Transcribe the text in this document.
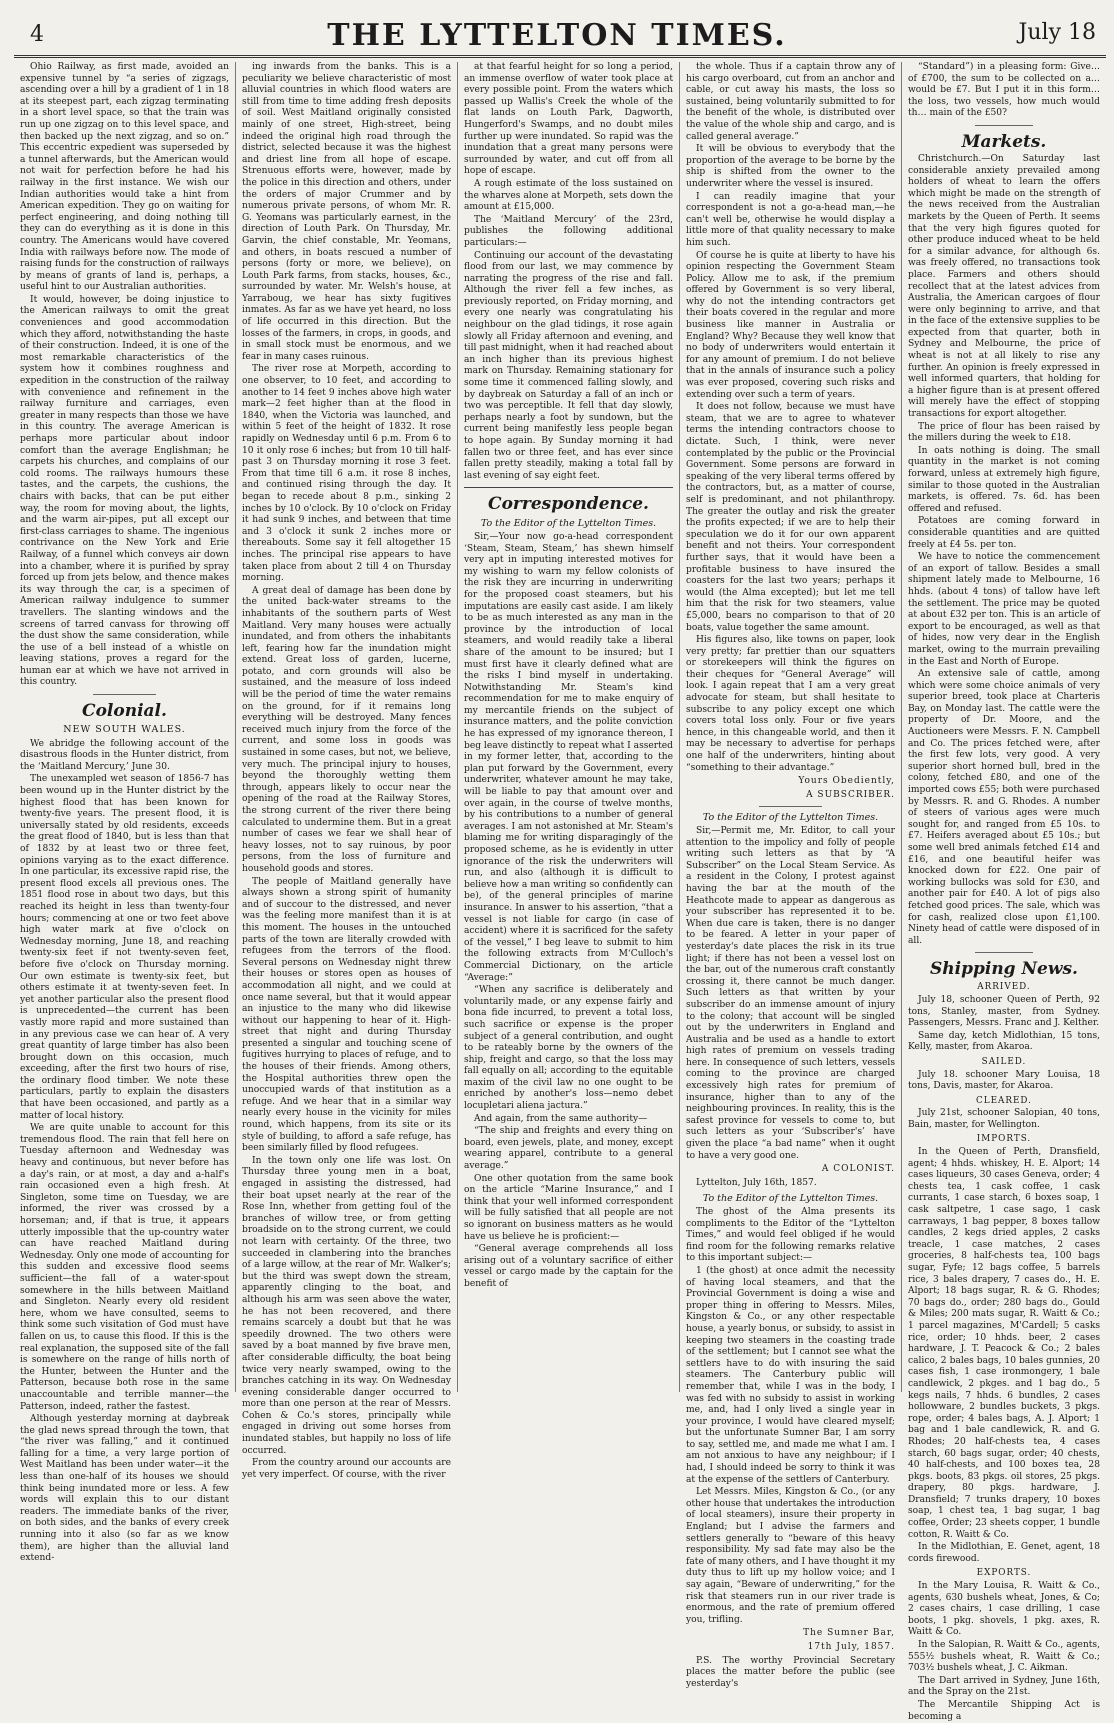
4	THE LYTTELTON TIMES.	July 18

Ohio Railway, as first made, avoided an expensive tunnel by “a series of zigzags, ascending over a hill by a gradient of 1 in 18 at its steepest part, each zigzag terminating in a short level space, so that the train was run up one zigzag on to this level space, and then backed up the next zigzag, and so on.” This eccentric expedient was superseded by a tunnel afterwards, but the American would not wait for perfection before he had his railway in the first instance. We wish our Indian authorities would take a hint from American expedition. They go on waiting for perfect engineering, and doing nothing till they can do everything as it is done in this country. The Americans would have covered India with railways before now. The mode of raising funds for the construction of railways by means of grants of land is, perhaps, a useful hint to our Australian authorities.

It would, however, be doing injustice to the American railways to omit the great conveniences and good accommodation which they afford, notwithstanding the haste of their construction. Indeed, it is one of the most remarkable characteristics of the system how it combines roughness and expedition in the construction of the railway with convenience and refinement in the railway furniture and carriages, even greater in many respects than those we have in this country. The average American is perhaps more particular about indoor comfort than the average Englishman; he carpets his churches, and complains of our cold rooms. The railways humours these tastes, and the carpets, the cushions, the chairs with backs, that can be put either way, the room for moving about, the lights, and the warm air-pipes, put all except our first-class carriages to shame. The ingenious contrivance on the New York and Erie Railway, of a funnel which conveys air down into a chamber, where it is purified by spray forced up from jets below, and thence makes its way through the car, is a specimen of American railway indulgence to summer travellers. The slanting windows and the screens of tarred canvass for throwing off the dust show the same consideration, while the use of a bell instead of a whistle on leaving stations, proves a regard for the human ear at which we have not arrived in this country.

Colonial.
NEW SOUTH WALES.

We abridge the following account of the disastrous floods in the Hunter district, from the ‘Maitland Mercury,’ June 30.

The unexampled wet season of 1856-7 has been wound up in the Hunter district by the highest flood that has been known for twenty-five years. The present flood, it is universally stated by old residents, exceeds the great flood of 1840, but is less than that of 1832 by at least two or three feet, opinions varying as to the exact difference. In one particular, its excessive rapid rise, the present flood excels all previous ones. The 1851 flood rose in about two days, but this reached its height in less than twenty-four hours; commencing at one or two feet above high water mark at five o'clock on Wednesday morning, June 18, and reaching twenty-six feet if not twenty-seven feet, before five o'clock on Thursday morning. Our own estimate is twenty-six feet, but others estimate it at twenty-seven feet. In yet another particular also the present flood is unprecedented—the current has been vastly more rapid and more sustained than in any previous case we can hear of. A very great quantity of large timber has also been brought down on this occasion, much exceeding, after the first two hours of rise, the ordinary flood timber. We note these particulars, partly to explain the disasters that have been occasioned, and partly as a matter of local history.

We are quite unable to account for this tremendous flood. The rain that fell here on Tuesday afternoon and Wednesday was heavy and continuous, but never before has a day's rain, or at most, a day and a-half's rain occasioned even a high fresh. At Singleton, some time on Tuesday, we are informed, the river was crossed by a horseman; and, if that is true, it appears utterly impossible that the up-country water can have reached Maitland during Wednesday. Only one mode of accounting for this sudden and excessive flood seems sufficient—the fall of a water-spout somewhere in the hills between Maitland and Singleton. Nearly every old resident here, whom we have consulted, seems to think some such visitation of God must have fallen on us, to cause this flood. If this is the real explanation, the supposed site of the fall is somewhere on the range of hills north of the Hunter, between the Hunter and the Patterson, because both rose in the same unaccountable and terrible manner—the Patterson, indeed, rather the fastest.

Although yesterday morning at daybreak the glad news spread through the town, that “the river was falling,” and it continued falling for a time, a very large portion of West Maitland has been under water—it the less than one-half of its houses we should think being inundated more or less. A few words will explain this to our distant readers. The immediate banks of the river, on both sides, and the banks of every creek running into it also (so far as we know them), are higher than the alluvial land extend-

ing inwards from the banks. This is a peculiarity we believe characteristic of most alluvial countries in which flood waters are still from time to time adding fresh deposits of soil. West Maitland originally consisted mainly of one street, High-street, being indeed the original high road through the district, selected because it was the highest and driest line from all hope of escape. Strenuous efforts were, however, made by the police in this direction and others, under the orders of major Crummer and by numerous private persons, of whom Mr. R. G. Yeomans was particularly earnest, in the direction of Louth Park. On Thursday, Mr. Garvin, the chief constable, Mr. Yeomans, and others, in boats rescued a number of persons (forty or more, we believe), on Louth Park farms, from stacks, houses, &c., surrounded by water. Mr. Welsh's house, at Yarraboug, we hear has sixty fugitives inmates. As far as we have yet heard, no loss of life occurred in this direction. But the losses of the farmers, in crops, in goods, and in small stock must be enormous, and we fear in many cases ruinous.

The river rose at Morpeth, according to one observer, to 10 feet, and according to another to 14 feet 9 inches above high water mark—2 feet higher than at the flood in 1840, when the Victoria was launched, and within 5 feet of the height of 1832. It rose rapidly on Wednesday until 6 p.m. From 6 to 10 it only rose 6 inches; but from 10 till half-past 3 on Thursday morning it rose 3 feet. From that time till 6 a.m. it rose 8 inches, and continued rising through the day. It began to recede about 8 p.m., sinking 2 inches by 10 o'clock. By 10 o'clock on Friday it had sunk 9 inches, and between that time and 3 o'clock it sunk 2 inches more or thereabouts. Some say it fell altogether 15 inches. The principal rise appears to have taken place from about 2 till 4 on Thursday morning.

A great deal of damage has been done by the united back-water streams to the inhabitants of the southern parts of West Maitland. Very many houses were actually inundated, and from others the inhabitants left, fearing how far the inundation might extend. Great loss of garden, lucerne, potato, and corn grounds will also be sustained, and the measure of loss indeed will be the period of time the water remains on the ground, for if it remains long everything will be destroyed. Many fences received much injury from the force of the current, and some loss in goods was sustained in some cases, but not, we believe, very much. The principal injury to houses, beyond the thoroughly wetting them through, appears likely to occur near the opening of the road at the Railway Stores, the strong current of the river there being calculated to undermine them. But in a great number of cases we fear we shall hear of heavy losses, not to say ruinous, by poor persons, from the loss of furniture and household goods and stores.

The people of Maitland generally have always shown a strong spirit of humanity and of succour to the distressed, and never was the feeling more manifest than it is at this moment. The houses in the untouched parts of the town are literally crowded with refugees from the terrors of the flood. Several persons on Wednesday night threw their houses or stores open as houses of accommodation all night, and we could at once name several, but that it would appear an injustice to the many who did likewise without our happening to hear of it. High-street that night and during Thursday presented a singular and touching scene of fugitives hurrying to places of refuge, and to the houses of their friends. Among others, the Hospital authorities threw open the unoccupied wards of that institution as a refuge. And we hear that in a similar way nearly every house in the vicinity for miles round, which happens, from its site or its style of building, to afford a safe refuge, has been similarly filled by flood refugees.

In the town only one life was lost. On Thursday three young men in a boat, engaged in assisting the distressed, had their boat upset nearly at the rear of the Rose Inn, whether from getting foul of the branches of willow tree, or from getting broadside on to the strong current, we could not learn with certainty. Of the three, two succeeded in clambering into the branches of a large willow, at the rear of Mr. Walker's; but the third was swept down the stream, apparently clinging to the boat, and although his arm was seen above the water, he has not been recovered, and there remains scarcely a doubt but that he was speedily drowned. The two others were saved by a boat manned by five brave men, after considerable difficulty, the boat being twice very nearly swamped, owing to the branches catching in its way. On Wednesday evening considerable danger occurred to more than one person at the rear of Messrs. Cohen & Co.'s stores, principally while engaged in driving out some horses from inundated stables, but happily no loss of life occurred.

From the country around our accounts are yet very imperfect. Of course, with the river

at that fearful height for so long a period, an immense overflow of water took place at every possible point. From the waters which passed up Wallis's Creek the whole of the flat lands on Louth Park, Dagworth, Hungerford's Swamps, and no doubt miles further up were inundated. So rapid was the inundation that a great many persons were surrounded by water, and cut off from all hope of escape.

A rough estimate of the loss sustained on the wharves alone at Morpeth, sets down the amount at £15,000.

The ‘Maitland Mercury’ of the 23rd, publishes the following additional particulars:—

Continuing our account of the devastating flood from our last, we may commence by narrating the progress of the rise and fall. Although the river fell a few inches, as previously reported, on Friday morning, and every one nearly was congratulating his neighbour on the glad tidings, it rose again slowly all Friday afternoon and evening, and till past midnight, when it had reached about an inch higher than its previous highest mark on Thursday. Remaining stationary for some time it commenced falling slowly, and by daybreak on Saturday a fall of an inch or two was perceptible. It fell that day slowly, perhaps nearly a foot by sundown, but the current being manifestly less people began to hope again. By Sunday morning it had fallen two or three feet, and has ever since fallen pretty steadily, making a total fall by last evening of say eight feet.

Correspondence.
To the Editor of the Lyttelton Times.

Sir,—Your now go-a-head correspondent ‘Steam, Steam, Steam,’ has shewn himself very apt in imputing interested motives for my wishing to warn my fellow colonists of the risk they are incurring in underwriting for the proposed coast steamers, but his imputations are easily cast aside. I am likely to be as much interested as any man in the province by the introduction of local steamers, and would readily take a liberal share of the amount to be insured; but I must first have it clearly defined what are the risks I bind myself in undertaking. Notwithstanding Mr. Steam's kind recommendation for me to make enquiry of my mercantile friends on the subject of insurance matters, and the polite conviction he has expressed of my ignorance thereon, I beg leave distinctly to repeat what I asserted in my former letter, that, according to the plan put forward by the Government, every underwriter, whatever amount he may take, will be liable to pay that amount over and over again, in the course of twelve months, by his contributions to a number of general averages. I am not astonished at Mr. Steam's blaming me for writing disparagingly of the proposed scheme, as he is evidently in utter ignorance of the risk the underwriters will run, and also (although it is difficult to believe how a man writing so confidently can be), of the general principles of marine insurance. In answer to his assertion, “that a vessel is not liable for cargo (in case of accident) where it is sacrificed for the safety of the vessel,” I beg leave to submit to him the following extracts from M‘Culloch's Commercial Dictionary, on the article “Average:”

“When any sacrifice is deliberately and voluntarily made, or any expense fairly and bona fide incurred, to prevent a total loss, such sacrifice or expense is the proper subject of a general contribution, and ought to be rateably borne by the owners of the ship, freight and cargo, so that the loss may fall equally on all; according to the equitable maxim of the civil law no one ought to be enriched by another's loss—nemo debet locupletari aliena jactura.”

And again, from the same authority—

“The ship and freights and every thing on board, even jewels, plate, and money, except wearing apparel, contribute to a general average.”

One other quotation from the same book on the article “Marine Insurance,” and I think that your well informed correspondent will be fully satisfied that all people are not so ignorant on business matters as he would have us believe he is proficient:—

“General average comprehends all loss arising out of a voluntary sacrifice of either vessel or cargo made by the captain for the benefit of

the whole. Thus if a captain throw any of his cargo overboard, cut from an anchor and cable, or cut away his masts, the loss so sustained, being voluntarily submitted to for the benefit of the whole, is distributed over the value of the whole ship and cargo, and is called general average.”

It will be obvious to everybody that the proportion of the average to be borne by the ship is shifted from the owner to the underwriter where the vessel is insured.

I can readily imagine that your correspondent is not a go-a-head man,—he can't well be, otherwise he would display a little more of that quality necessary to make him such.

Of course he is quite at liberty to have his opinion respecting the Government Steam Policy. Allow me to ask, if the premium offered by Government is so very liberal, why do not the intending contractors get their boats covered in the regular and more business like manner in Australia or England? Why? Because they well know that no body of underwriters would entertain it for any amount of premium. I do not believe that in the annals of insurance such a policy was ever proposed, covering such risks and extending over such a term of years.

It does not follow, because we must have steam, that we are to agree to whatever terms the intending contractors choose to dictate. Such, I think, were never contemplated by the public or the Provincial Government. Some persons are forward in speaking of the very liberal terms offered by the contractors, but, as a matter of course, self is predominant, and not philanthropy. The greater the outlay and risk the greater the profits expected; if we are to help their speculation we do it for our own apparent benefit and not theirs. Your correspondent further says, that it would have been a profitable business to have insured the coasters for the last two years; perhaps it would (the Alma excepted); but let me tell him that the risk for two steamers, value £5,000, bears no comparison to that of 20 boats, value together the same amount.

His figures also, like towns on paper, look very pretty; far prettier than our squatters or storekeepers will think the figures on their cheques for “General Average” will look. I again repeat that I am a very great advocate for steam, but shall hesitate to subscribe to any policy except one which covers total loss only. Four or five years hence, in this changeable world, and then it may be necessary to advertise for perhaps one half of the underwriters, hinting about “something to their advantage.”

Yours Obediently,
A SUBSCRIBER.
To the Editor of the Lyttelton Times.

Sir,—Permit me, Mr. Editor, to call your attention to the impolicy and folly of people writing such letters as that by “A Subscriber” on the Local Steam Service. As a resident in the Colony, I protest against having the bar at the mouth of the Heathcote made to appear as dangerous as your subscriber has represented it to be. When due care is taken, there is no danger to be feared. A letter in your paper of yesterday's date places the risk in its true light; if there has not been a vessel lost on the bar, out of the numerous craft constantly crossing it, there cannot be much danger. Such letters as that written by your subscriber do an immense amount of injury to the colony; that account will be singled out by the underwriters in England and Australia and be used as a handle to extort high rates of premium on vessels trading here. In consequence of such letters, vessels coming to the province are charged excessively high rates for premium of insurance, higher than to any of the neighbouring provinces. In reality, this is the safest province for vessels to come to, but such letters as your ‘Subscriber's’ have given the place “a bad name” when it ought to have a very good one.

A COLONIST.

Lyttelton, July 16th, 1857.

To the Editor of the Lyttelton Times.

The ghost of the Alma presents its compliments to the Editor of the “Lyttelton Times,” and would feel obliged if he would find room for the following remarks relative to this important subject:—

1 (the ghost) at once admit the necessity of having local steamers, and that the Provincial Government is doing a wise and proper thing in offering to Messrs. Miles, Kingston & Co., or any other respectable house, a yearly bonus, or subsidy, to assist in keeping two steamers in the coasting trade of the settlement; but I cannot see what the settlers have to do with insuring the said steamers. The Canterbury public will remember that, while I was in the body, I was fed with no subsidy to assist in working me, and, had I only lived a single year in your province, I would have cleared myself; but the unfortunate Sumner Bar, I am sorry to say, settled me, and made me what I am. I am not anxious to have any neighbour; if I had, I should indeed be sorry to think it was at the expense of the settlers of Canterbury.

Let Messrs. Miles, Kingston & Co., (or any other house that undertakes the introduction of local steamers), insure their property in England; but I advise the farmers and settlers generally to “beware of this heavy responsibility. My sad fate may also be the fate of many others, and I have thought it my duty thus to lift up my hollow voice; and I say again, “Beware of underwriting,” for the risk that steamers run in our river trade is enormous, and the rate of premium offered you, trifling.

The Sumner Bar,
17th July, 1857.

P.S. The worthy Provincial Secretary places the matter before the public (see yesterday's

“Standard”) in a pleasing form: Give… of £700, the sum to be collected on a… would be £7. But I put it in this form… the loss, two vessels, how much would th… main of the £50?

Markets.

Christchurch.—On Saturday last considerable anxiety prevailed among holders of wheat to learn the offers which might be made on the strength of the news received from the Australian markets by the Queen of Perth. It seems that the very high figures quoted for other produce induced wheat to be held for a similar advance, for although 6s. was freely offered, no transactions took place. Farmers and others should recollect that at the latest advices from Australia, the American cargoes of flour were only beginning to arrive, and that in the face of the extensive supplies to be expected from that quarter, both in Sydney and Melbourne, the price of wheat is not at all likely to rise any further. An opinion is freely expressed in well informed quarters, that holding for a higher figure than is at present offered will merely have the effect of stopping transactions for export altogether.

The price of flour has been raised by the millers during the week to £18.

In oats nothing is doing. The small quantity in the market is not coming forward, unless at extremely high figure, similar to those quoted in the Australian markets, is offered. 7s. 6d. has been offered and refused.

Potatoes are coming forward in considerable quantities and are quitted freely at £4 5s. per ton.

We have to notice the commencement of an export of tallow. Besides a small shipment lately made to Melbourne, 16 hhds. (about 4 tons) of tallow have left the settlement. The price may be quoted at about £32 per ton. This is an article of export to be encouraged, as well as that of hides, now very dear in the English market, owing to the murrain prevailing in the East and North of Europe.

An extensive sale of cattle, among which were some choice animals of very superior breed, took place at Charteris Bay, on Monday last. The cattle were the property of Dr. Moore, and the Auctioneers were Messrs. F. N. Campbell and Co. The prices fetched were, after the first few lots, very good. A very superior short horned bull, bred in the colony, fetched £80, and one of the imported cows £55; both were purchased by Messrs. R. and G. Rhodes. A number of steers of various ages were much sought for, and ranged from £5 10s. to £7. Heifers averaged about £5 10s.; but some well bred animals fetched £14 and £16, and one beautiful heifer was knocked down for £22. One pair of working bullocks was sold for £30, and another pair for £40. A lot of pigs also fetched good prices. The sale, which was for cash, realized close upon £1,100. Ninety head of cattle were disposed of in all.

Shipping News.
ARRIVED.

July 18, schooner Queen of Perth, 92 tons, Stanley, master, from Sydney. Passengers, Messrs. Franc and J. Kelther.

Same day, ketch Midlothian, 15 tons, Kelly, master, from Akaroa.

SAILED.

July 18. schooner Mary Louisa, 18 tons, Davis, master, for Akaroa.

CLEARED.

July 21st, schooner Salopian, 40 tons, Bain, master, for Wellington.

IMPORTS.

In the Queen of Perth, Dransfield, agent; 4 hhds. whiskey, H. E. Alport; 14 cases liqueurs, 30 cases Geneva, order; 4 chests tea, 1 cask coffee, 1 cask currants, 1 case starch, 6 boxes soap, 1 cask saltpetre, 1 case sago, 1 cask carraways, 1 bag pepper, 8 boxes tallow candles, 2 kegs dried apples, 2 casks treacle, 1 case matches, 2 cases groceries, 8 half-chests tea, 100 bags sugar, Fyfe; 12 bags coffee, 5 barrels rice, 3 bales drapery, 7 cases do., H. E. Alport; 18 bags sugar, R. & G. Rhodes; 70 bags do., order; 280 bags do., Gould & Miles; 200 mats sugar, R. Waitt & Co.; 1 parcel magazines, M'Cardell; 5 casks rice, order; 10 hhds. beer, 2 cases hardware, J. T. Peacock & Co.; 2 bales calico, 2 bales bags, 10 bales gunnies, 20 cases fish, 1 case ironmongery, 1 bale candlewick, 2 pkges. and 1 bag do., 5 kegs nails, 7 hhds. 6 bundles, 2 cases hollowware, 2 bundles buckets, 3 pkgs. rope, order; 4 bales bags, A. J. Alport; 1 bag and 1 bale candlewick, R. and G. Rhodes; 20 half-chests tea, 4 cases starch, 60 bags sugar, order; 40 chests, 40 half-chests, and 100 boxes tea, 28 pkgs. boots, 83 pkgs. oil stores, 25 pkgs. drapery, 80 pkgs. hardware, J. Dransfield; 7 trunks drapery, 10 boxes soap, 1 chest tea, 1 bag sugar, 1 bag coffee, Order; 23 sheets copper, 1 bundle cotton, R. Waitt & Co.

In the Midlothian, E. Genet, agent, 18 cords firewood.

EXPORTS.

In the Mary Louisa, R. Waitt & Co., agents, 630 bushels wheat, Jones, & Co; 2 cases chairs, 1 case drilling, 1 case boots, 1 pkg. shovels, 1 pkg. axes, R. Waitt & Co.

In the Salopian, R. Waitt & Co., agents, 555½ bushels wheat, R. Waitt & Co.; 703½ bushels wheat, J. C. Aikman.

The Dart arrived in Sydney, June 16th, and the Spray on the 21st.

The Mercantile Shipping Act is becoming a
